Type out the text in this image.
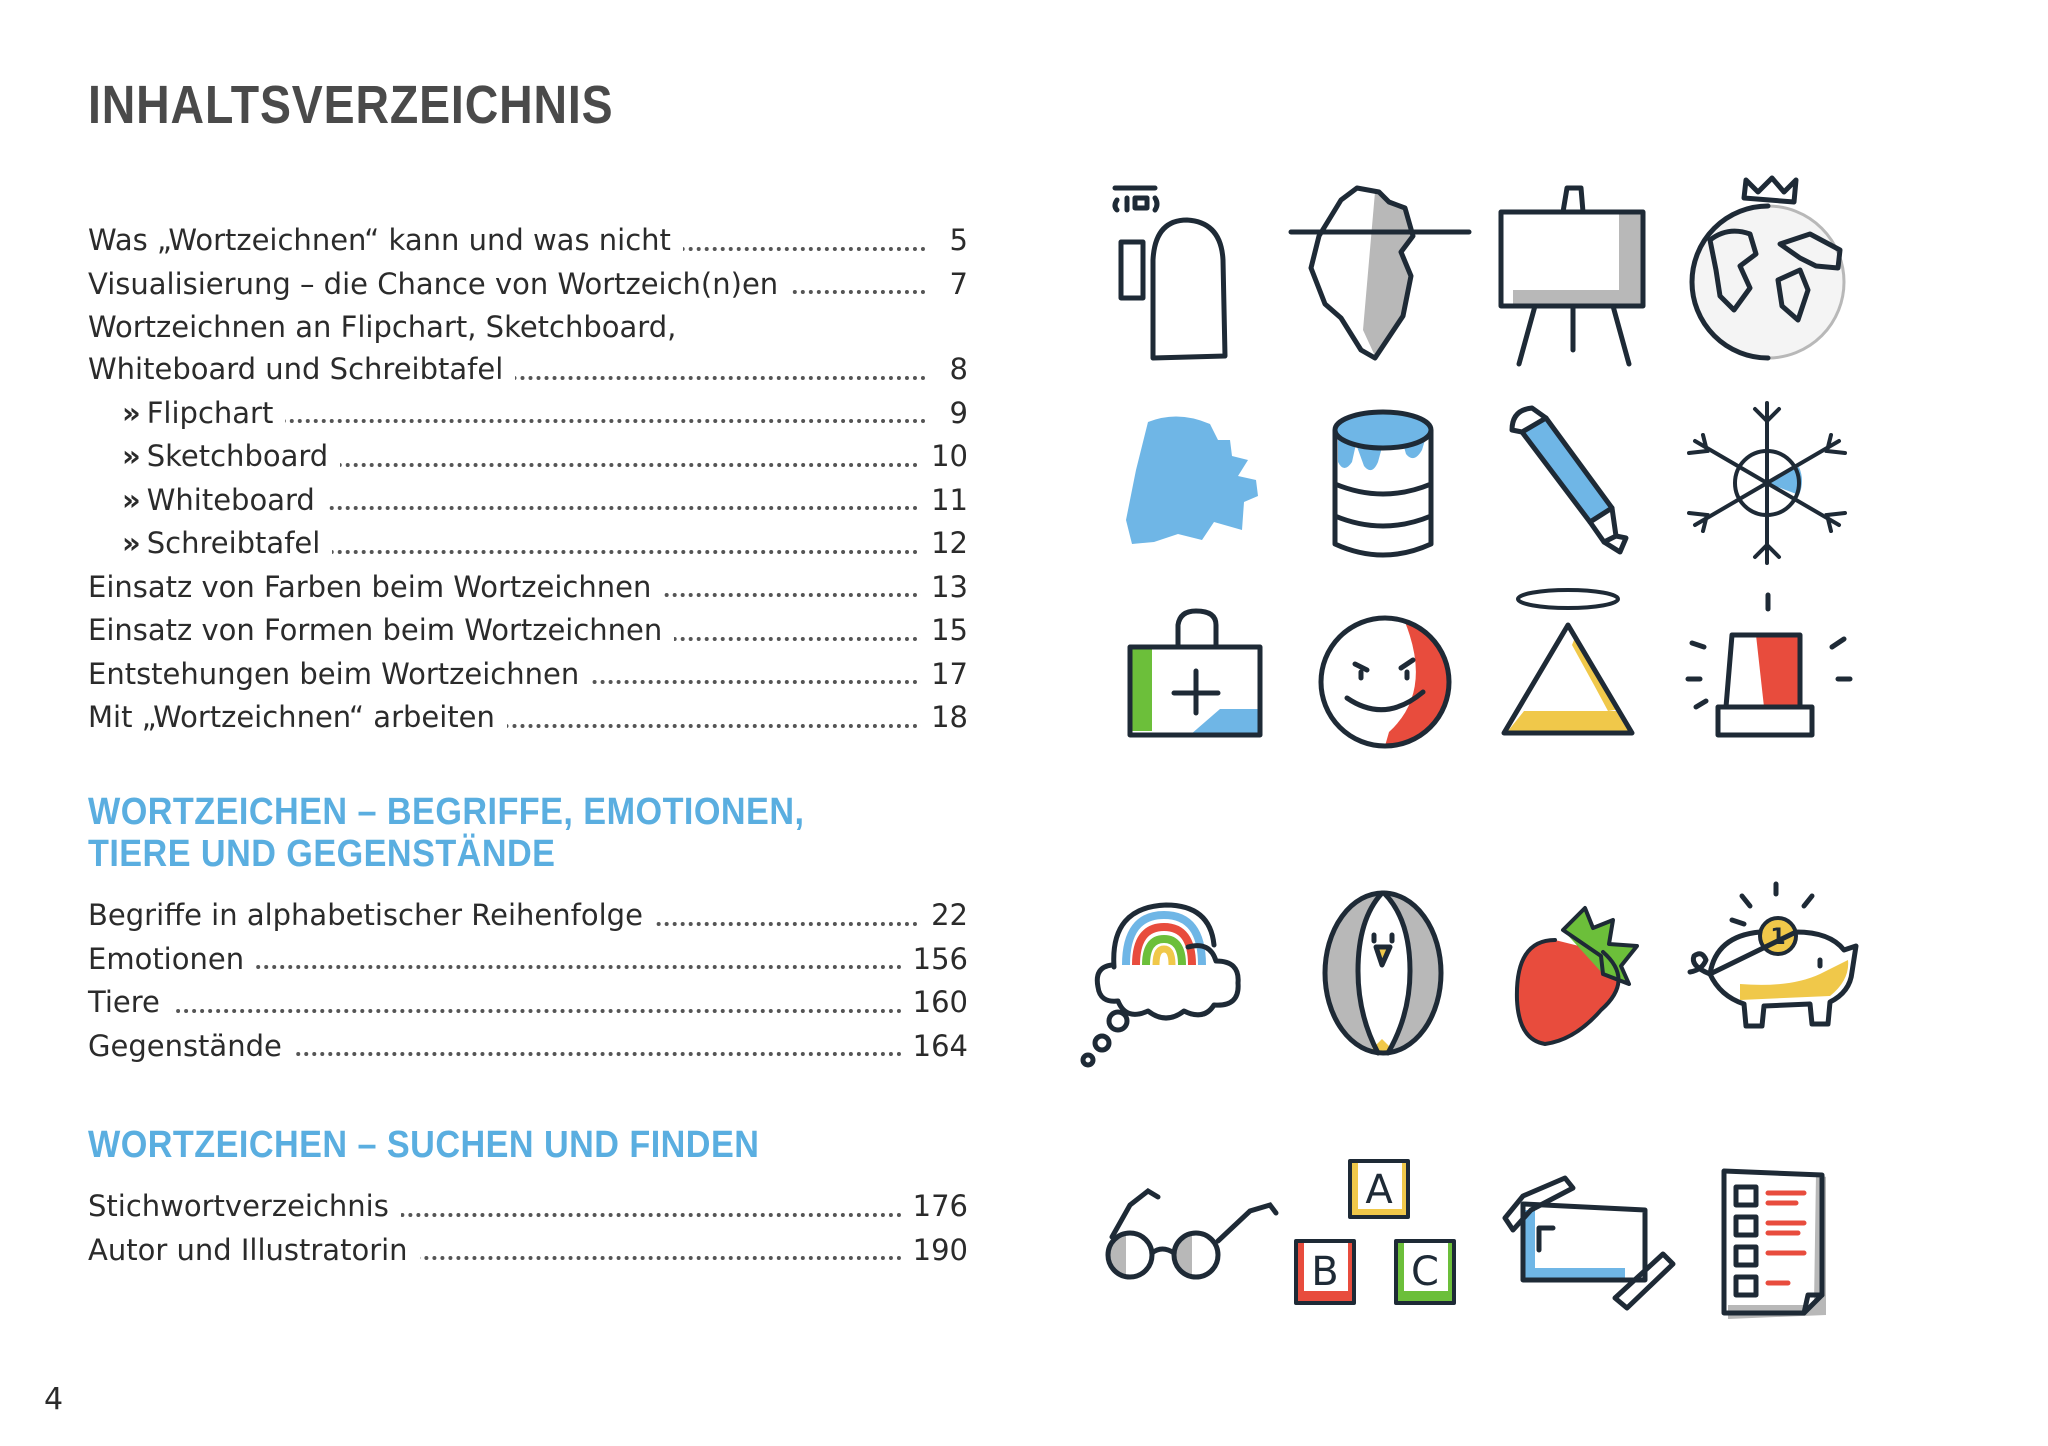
INHALTSVERZEICHNIS
Was „Wortzeichnen“ kann und was nicht	5
Visualisierung – die Chance von Wortzeich(n)en	7
Wortzeichnen an Flipchart, Sketchboard,
Whiteboard und Schreibtafel	8
» Flipchart	9
» Sketchboard	10
» Whiteboard	11
» Schreibtafel	12
Einsatz von Farben beim Wortzeichnen	13
Einsatz von Formen beim Wortzeichnen	15
Entstehungen beim Wortzeichnen	17
Mit „Wortzeichnen“ arbeiten	18
WORTZEICHEN – BEGRIFFE, EMOTIONEN,
TIERE UND GEGENSTÄNDE
Begriffe in alphabetischer Reihenfolge	22
Emotionen	156
Tiere	160
Gegenstände	164
WORTZEICHEN – SUCHEN UND FINDEN
Stichwortverzeichnis	176
Autor und Illustratorin	190
4
1
A
B C
